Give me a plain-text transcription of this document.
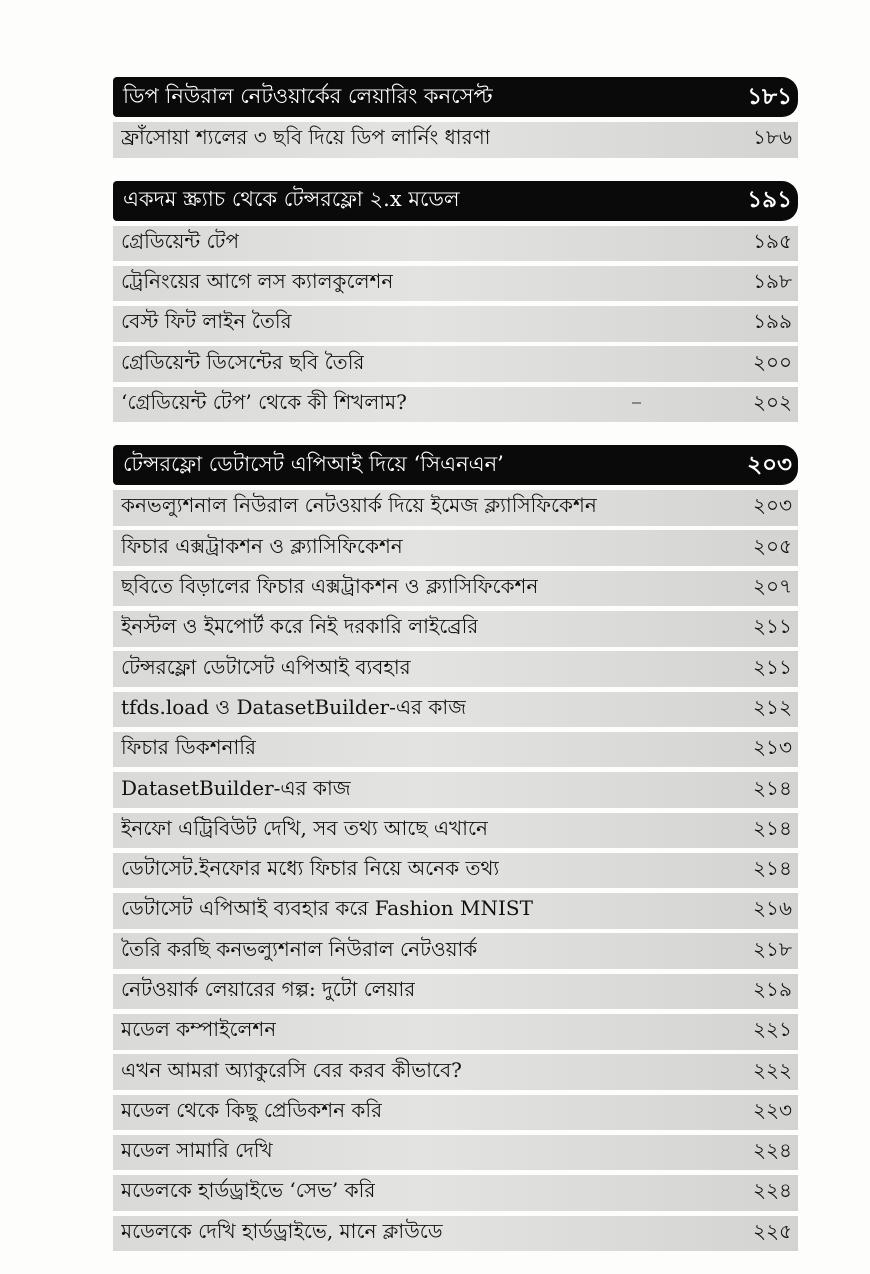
ডিপ নিউরাল নেটওয়ার্কের লেয়ারিং কনসেপ্ট	১৮১
ফ্রাঁসোয়া শ্যলের ৩ ছবি দিয়ে ডিপ লার্নিং ধারণা	১৮৬
একদম স্ক্র্যাচ থেকে টেন্সরফ্লো ২.x মডেল	১৯১
গ্রেডিয়েন্ট টেপ	১৯৫
ট্রেনিংয়ের আগে লস ক্যালকুলেশন	১৯৮
বেস্ট ফিট লাইন তৈরি	১৯৯
গ্রেডিয়েন্ট ডিসেন্টের ছবি তৈরি	২০০
‘গ্রেডিয়েন্ট টেপ’ থেকে কী শিখলাম?	২০২
টেন্সরফ্লো ডেটাসেট এপিআই দিয়ে ‘সিএনএন’	২০৩
কনভল্যুশনাল নিউরাল নেটওয়ার্ক দিয়ে ইমেজ ক্ল্যাসিফিকেশন	২০৩
ফিচার এক্সট্রাকশন ও ক্ল্যাসিফিকেশন	২০৫
ছবিতে বিড়ালের ফিচার এক্সট্রাকশন ও ক্ল্যাসিফিকেশন	২০৭
ইনস্টল ও ইমপোর্ট করে নিই দরকারি লাইব্রেরি	২১১
টেন্সরফ্লো ডেটাসেট এপিআই ব্যবহার	২১১
tfds.load ও DatasetBuilder-এর কাজ	২১২
ফিচার ডিকশনারি	২১৩
DatasetBuilder-এর কাজ	২১৪
ইনফো এট্রিবিউট দেখি, সব তথ্য আছে এখানে	২১৪
ডেটাসেট.ইনফোর মধ্যে ফিচার নিয়ে অনেক তথ্য	২১৪
ডেটাসেট এপিআই ব্যবহার করে Fashion MNIST	২১৬
তৈরি করছি কনভল্যুশনাল নিউরাল নেটওয়ার্ক	২১৮
নেটওয়ার্ক লেয়ারের গল্প: দুটো লেয়ার	২১৯
মডেল কম্পাইলেশন	২২১
এখন আমরা অ্যাকুরেসি বের করব কীভাবে?	২২২
মডেল থেকে কিছু প্রেডিকশন করি	২২৩
মডেল সামারি দেখি	২২৪
মডেলকে হার্ডড্রাইভে ‘সেভ’ করি	২২৪
মডেলকে দেখি হার্ডড্রাইভে, মানে ক্লাউডে	২২৫
